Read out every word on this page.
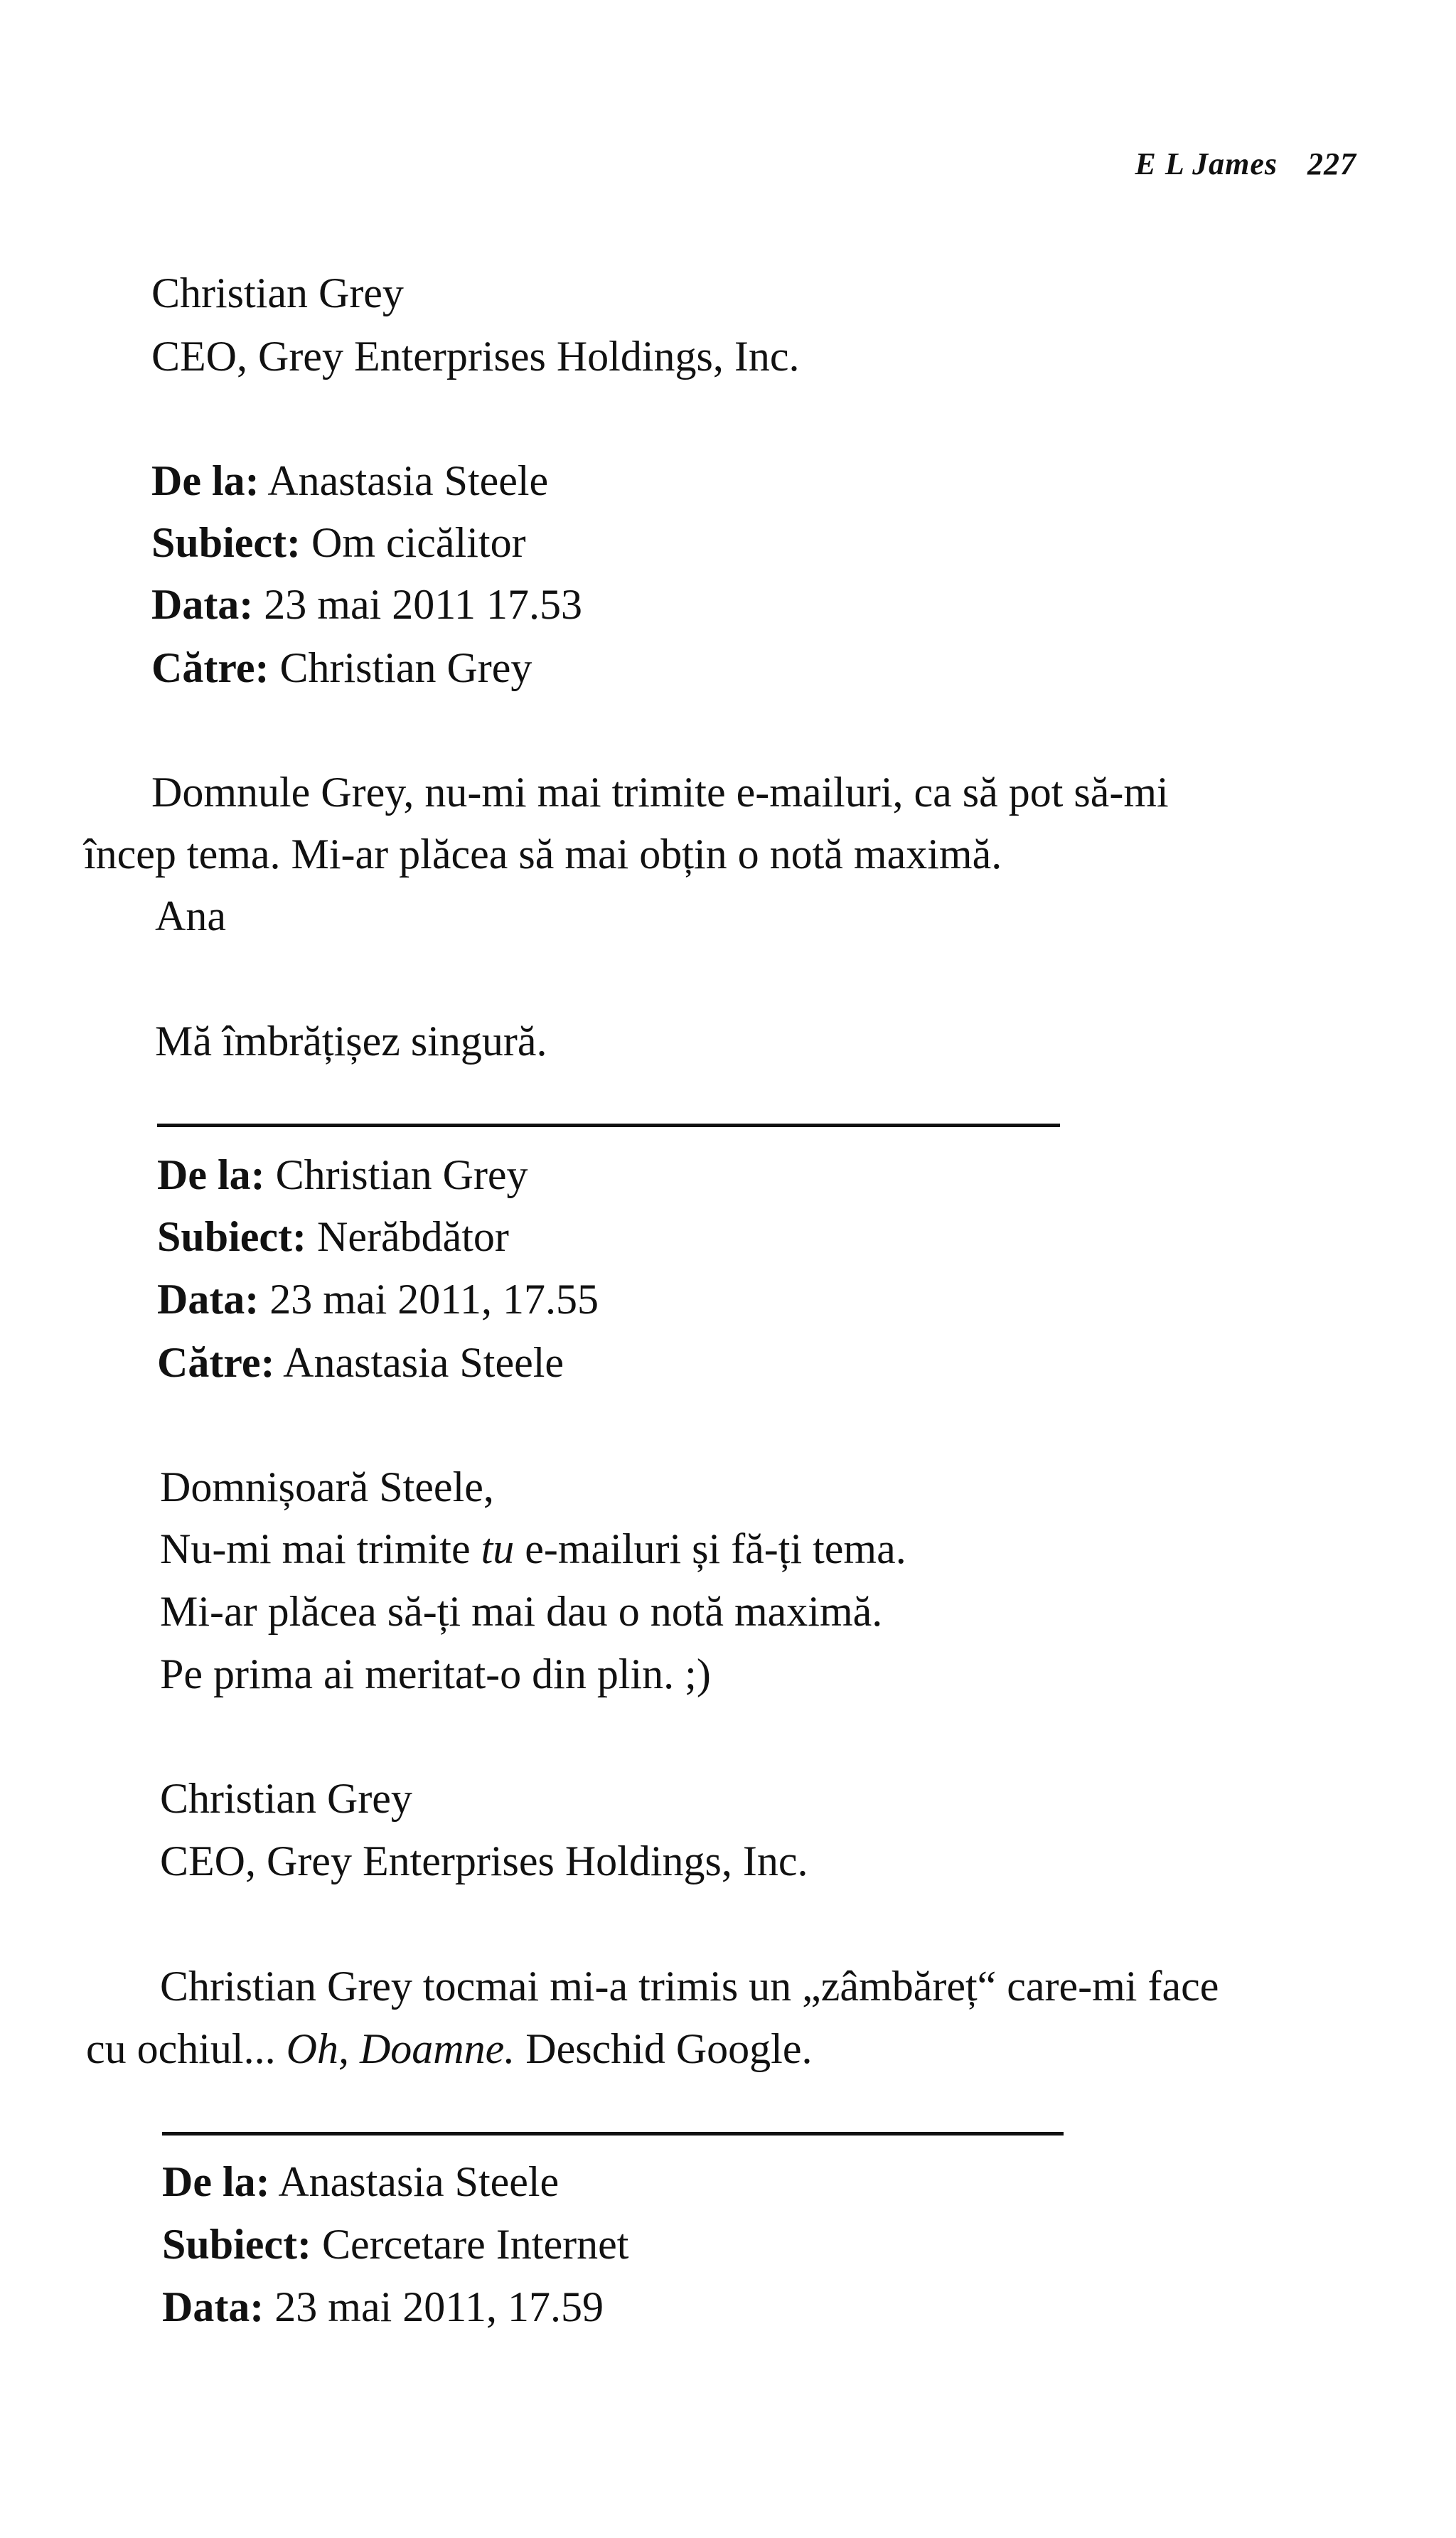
E L James 227
Christian Grey
CEO, Grey Enterprises Holdings, Inc.
De la: Anastasia Steele
Subiect: Om cicălitor
Data: 23 mai 2011 17.53
Către: Christian Grey
Domnule Grey, nu-mi mai trimite e-mailuri, ca să pot să-mi
încep tema. Mi-ar plăcea să mai obțin o notă maximă.
Ana
Mă îmbrățișez singură.
De la: Christian Grey
Subiect: Nerăbdător
Data: 23 mai 2011, 17.55
Către: Anastasia Steele
Domnișoară Steele,
Nu-mi mai trimite tu e-mailuri și fă-ți tema.
Mi-ar plăcea să-ți mai dau o notă maximă.
Pe prima ai meritat-o din plin. ;)
Christian Grey
CEO, Grey Enterprises Holdings, Inc.
Christian Grey tocmai mi-a trimis un „zâmbăreț“ care-mi face
cu ochiul... Oh, Doamne. Deschid Google.
De la: Anastasia Steele
Subiect: Cercetare Internet
Data: 23 mai 2011, 17.59
